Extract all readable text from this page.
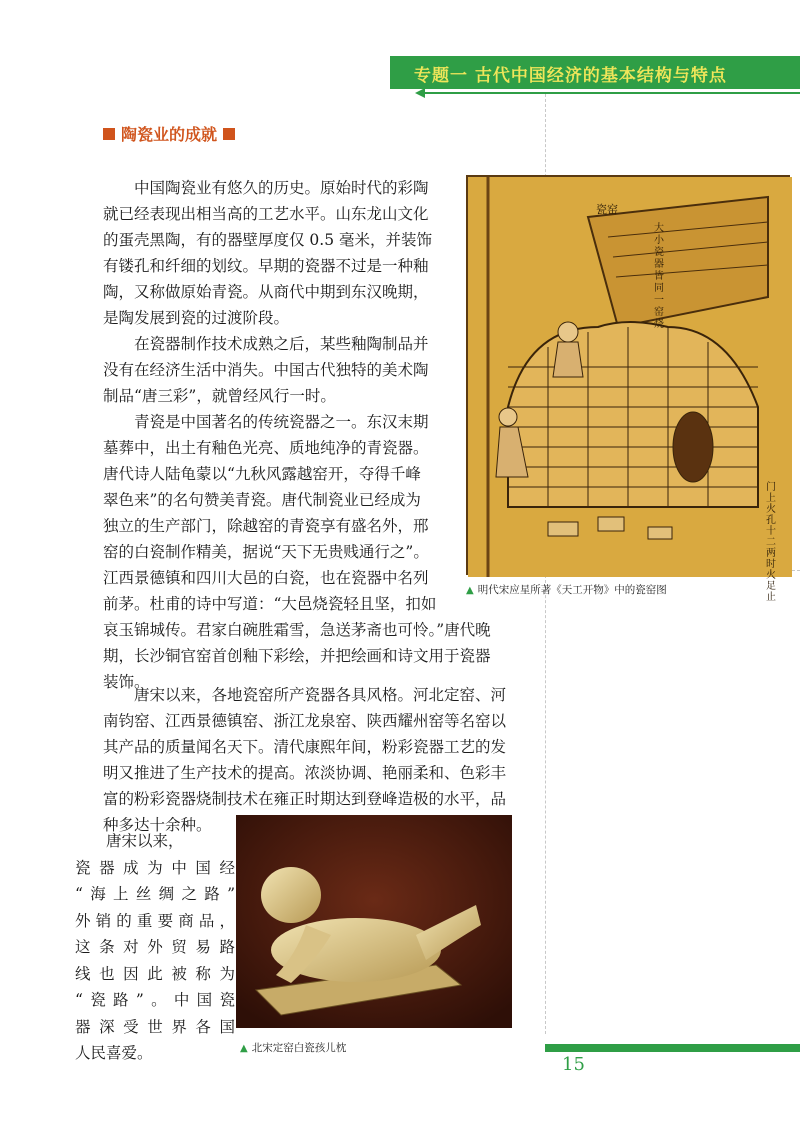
专题一 古代中国经济的基本结构与特点
陶瓷业的成就
　　中国陶瓷业有悠久的历史。原始时代的彩陶
就已经表现出相当高的工艺水平。山东龙山文化
的蛋壳黑陶，有的器壁厚度仅 0.5 毫米，并装饰
有镂孔和纤细的划纹。早期的瓷器不过是一种釉
陶，又称做原始青瓷。从商代中期到东汉晚期，
是陶发展到瓷的过渡阶段。
　　在瓷器制作技术成熟之后，某些釉陶制品并
没有在经济生活中消失。中国古代独特的美术陶
制品“唐三彩”，就曾经风行一时。
　　青瓷是中国著名的传统瓷器之一。东汉末期
墓葬中，出土有釉色光亮、质地纯净的青瓷器。
唐代诗人陆龟蒙以“九秋风露越窑开，夺得千峰
翠色来”的名句赞美青瓷。唐代制瓷业已经成为
独立的生产部门，除越窑的青瓷享有盛名外，邢
窑的白瓷制作精美，据说“天下无贵贱通行之”。
江西景德镇和四川大邑的白瓷，也在瓷器中名列
前茅。杜甫的诗中写道：“大邑烧瓷轻且坚，扣如
哀玉锦城传。君家白碗胜霜雪，急送茅斋也可怜。”唐代晚
期，长沙铜官窑首创釉下彩绘，并把绘画和诗文用于瓷器
装饰。
　　唐宋以来，各地瓷窑所产瓷器各具风格。河北定窑、河
南钧窑、江西景德镇窑、浙江龙泉窑、陕西耀州窑等名窑以
其产品的质量闻名天下。清代康熙年间，粉彩瓷器工艺的发
明又推进了生产技术的提高。浓淡协调、艳丽柔和、色彩丰
富的粉彩瓷器烧制技术在雍正时期达到登峰造极的水平，品
种多达十余种。
瓷窑
大小瓷器皆同一窑烧
门上火孔十二两时火足止
▲ 明代宋应星所著《天工开物》中的瓷窑图
▲ 北宋定窑白瓷孩儿枕
　　唐宋以来，
瓷器成为中国经
“海上丝绸之路”
外销的重要商品，
这条对外贸易路
线也因此被称为
“瓷路”。中国瓷
器深受世界各国
人民喜爱。
15
